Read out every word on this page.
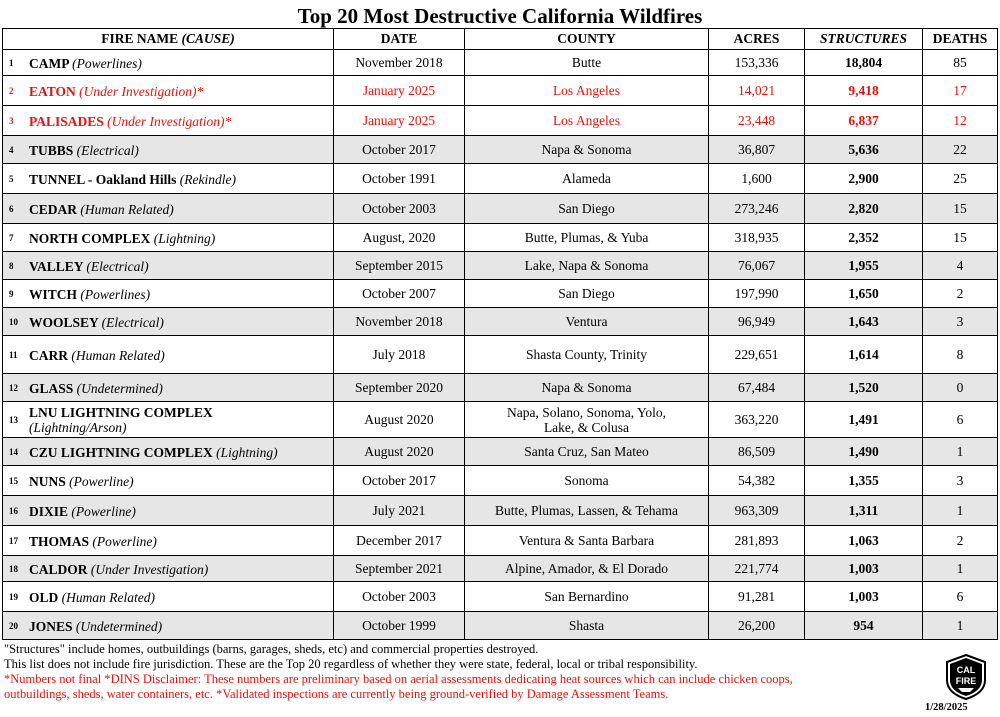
Top 20 Most Destructive California Wildfires
FIRE NAME (CAUSE)	DATE	COUNTY	ACRES	STRUCTURES	DEATHS
1 CAMP (Powerlines)	November 2018	Butte	153,336	18,804	85
2 EATON (Under Investigation)*	January 2025	Los Angeles	14,021	9,418	17
3 PALISADES (Under Investigation)*	January 2025	Los Angeles	23,448	6,837	12
4 TUBBS (Electrical)	October 2017	Napa & Sonoma	36,807	5,636	22
5 TUNNEL - Oakland Hills (Rekindle)	October 1991	Alameda	1,600	2,900	25
6 CEDAR (Human Related)	October 2003	San Diego	273,246	2,820	15
7 NORTH COMPLEX (Lightning)	August, 2020	Butte, Plumas, & Yuba	318,935	2,352	15
8 VALLEY (Electrical)	September 2015	Lake, Napa & Sonoma	76,067	1,955	4
9 WITCH (Powerlines)	October 2007	San Diego	197,990	1,650	2
10 WOOLSEY (Electrical)	November 2018	Ventura	96,949	1,643	3
11 CARR (Human Related)	July 2018	Shasta County, Trinity	229,651	1,614	8
12 GLASS (Undetermined)	September 2020	Napa & Sonoma	67,484	1,520	0
13 LNU LIGHTNING COMPLEX
(Lightning/Arson)	August 2020	Napa, Solano, Sonoma, Yolo, Lake, & Colusa	363,220	1,491	6
14 CZU LIGHTNING COMPLEX (Lightning)	August 2020	Santa Cruz, San Mateo	86,509	1,490	1
15 NUNS (Powerline)	October 2017	Sonoma	54,382	1,355	3
16 DIXIE (Powerline)	July 2021	Butte, Plumas, Lassen, & Tehama	963,309	1,311	1
17 THOMAS (Powerline)	December 2017	Ventura & Santa Barbara	281,893	1,063	2
18 CALDOR (Under Investigation)	September 2021	Alpine, Amador, & El Dorado	221,774	1,003	1
19 OLD (Human Related)	October 2003	San Bernardino	91,281	1,003	6
20 JONES (Undetermined)	October 1999	Shasta	26,200	954	1
"Structures" include homes, outbuildings (barns, garages, sheds, etc) and commercial properties destroyed.
This list does not include fire jurisdiction. These are the Top 20 regardless of whether they were state, federal, local or tribal responsibility.
*Numbers not final *DINS Disclaimer: These numbers are preliminary based on aerial assessments dedicating heat sources which can include chicken coops,
outbuildings, sheds, water containers, etc. *Validated inspections are currently being ground-verified by Damage Assessment Teams.
CAL
FIRE
1/28/2025
